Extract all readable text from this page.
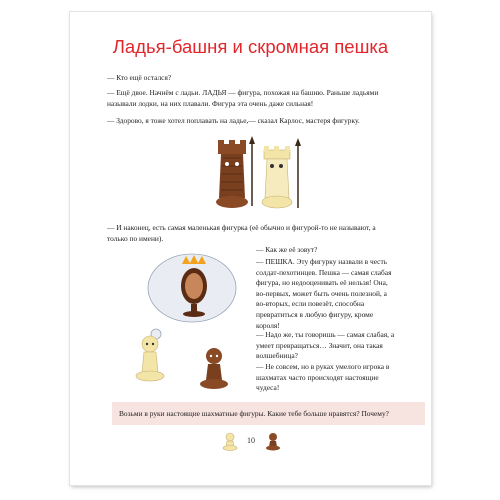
Ладья-башня и скромная пешка

— Кто ещё остался?

— Ещё двое. Начнём с ладьи. ЛАДЬЯ — фигура, похожая на башню. Раньше ладьями называли лодки, на них плавали. Фигура эта очень даже сильная!

— Здорово, я тоже хотел поплавать на ладье,— сказал Карлос, мастеря фигурку.

— И наконец, есть самая маленькая фигурка (её обычно и фигурой-то не называют, а только по имени).

— Как же её зовут?

— ПЕШКА. Эту фигурку назвали в честь солдат-пехотинцев. Пешка — самая слабая фигура, но недооценивать её нельзя! Она, во-первых, может быть очень полезной, а во-вторых, если повезёт, способна превратиться в любую фигуру, кроме короля!

— Надо же, ты говоришь — самая слабая, а умеет превращаться… Значит, она такая волшебница?

— Не совсем, но в руках умелого игрока в шахматах часто происходят настоящие чудеса!

Возьми в руки настоящие шахматные фигуры. Какие тебе больше нравятся? Почему?
10
